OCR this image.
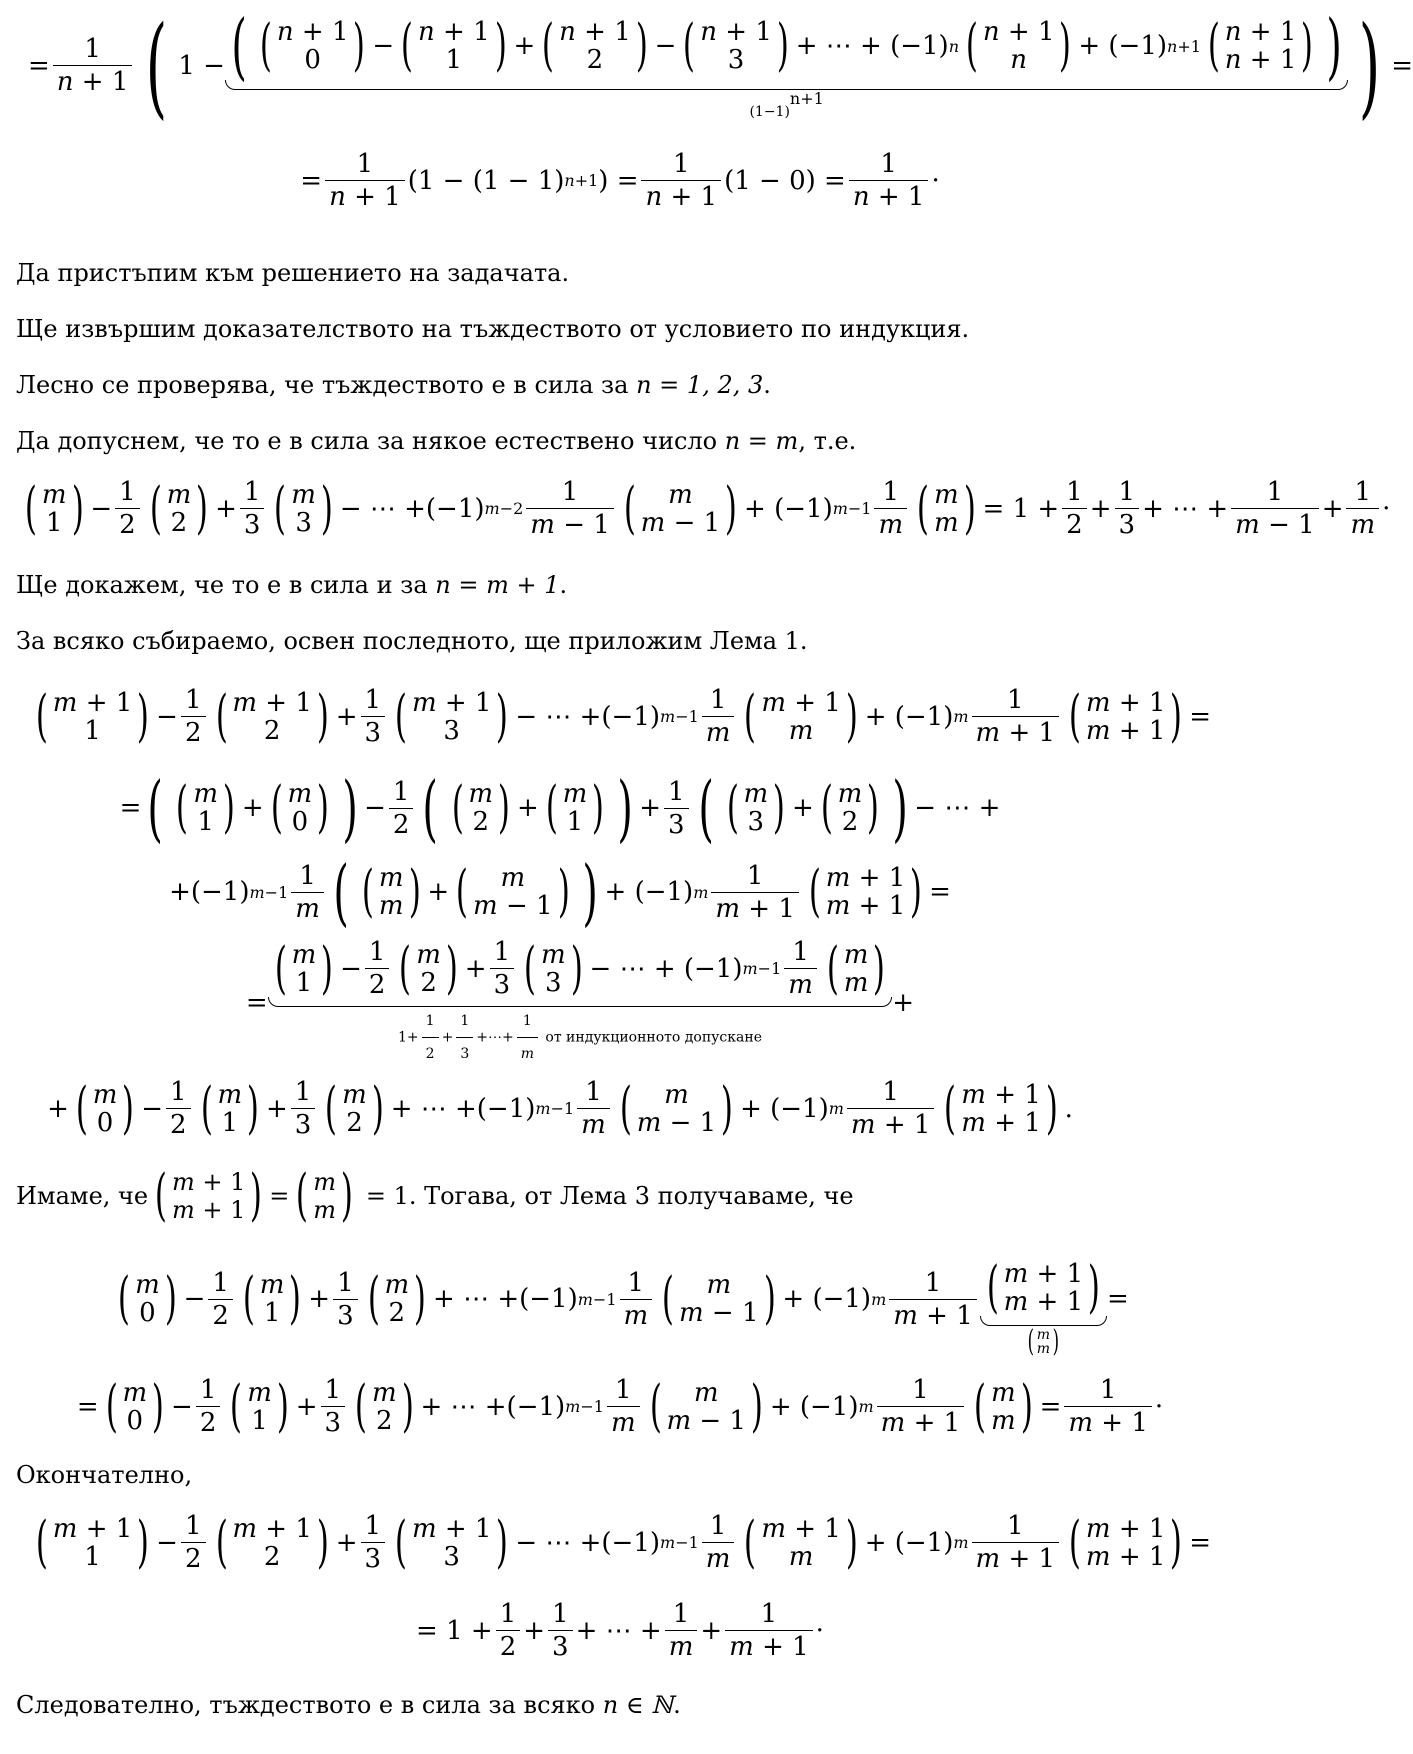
=
1
n + 1 ( 1 − ( ( n + 1
0 ) − ( n + 1
1 ) + ( n + 1
2 ) − ( n + 1
3 ) + ⋯ + (−1) n ( n + 1
n ) + (−1) n+1 ( n + 1
n + 1 ) )
$(1-1)^{n+1}$	) =
=
1
n + 1
(1 − (1 − 1) n+1 ) =
1
n + 1
(1 − 0) =
1
n + 1
·
Да пристъпим към решението на задачата.
Ще извършим доказателството на тъждеството от условието по индукция.
Лесно се проверява, че тъждеството е в сила за n = 1, 2, 3.
Да допуснем, че то е в сила за някое естествено число n = m, т.е.
( m
1 ) −
1
2 ( m
2 ) +
1
3 ( m
3 ) − ⋯ +(−1) m−2
1
m − 1 ( m
m − 1 ) + (−1) m−1
1
m ( m
m ) = 1 +
1
2
+
1
3
+ ⋯ +
1
m − 1
+
1
m
·
Ще докажем, че то е в сила и за n = m + 1.
За всяко събираемо, освен последното, ще приложим Лема 1.
( m + 1
1 ) −
1
2 ( m + 1
2 ) +
1
3 ( m + 1
3 ) − ⋯ +(−1) m−1
1
m ( m + 1
m ) + (−1) m
1
m + 1 ( m + 1
m + 1 ) =
= ( ( m
1 ) + ( m
0 ) ) −
1
2 ( ( m
2 ) + ( m
1 ) ) +
1
3 ( ( m
3 ) + ( m
2 ) ) − ⋯ +
+(−1) m−1
1
m ( ( m
m ) + ( m
m − 1 ) ) + (−1) m
1
m + 1 ( m + 1
m + 1 ) =
=
( m
1 ) −
1
2 ( m
2 ) +
1
3 ( m
3 ) − ⋯ + (−1) m−1
1
m ( m
m )
$1+ \frac{1}{2} + \frac{1}{3}$ +⋯+ $\frac{1}{m}$ от индукционното допускане
+
+ ( m
0 ) −
1
2 ( m
1 ) +
1
3 ( m
2 ) + ⋯ +(−1) m−1
1
m ( m
m − 1 ) + (−1) m
1
m + 1 ( m + 1
m + 1 ) .
Имаме, че ( m + 1
m + 1 ) = ( m
m ) = 1. Тогава, от Лема 3 получаваме, че
( m
0 ) −
1
2 ( m
1 ) +
1
3 ( m
2 ) + ⋯ +(−1) m−1
1
m ( m
m − 1 ) + (−1) m
1
m + 1 ( m + 1
m + 1 )
( m
m )
=
= ( m
0 ) −
1
2 ( m
1 ) +
1
3 ( m
2 ) + ⋯ +(−1) m−1
1
m ( m
m − 1 ) + (−1) m
1
m + 1 ( m
m ) =
1
m + 1
·
Окончателно,
( m + 1
1 ) −
1
2 ( m + 1
2 ) +
1
3 ( m + 1
3 ) − ⋯ +(−1) m−1
1
m ( m + 1
m ) + (−1) m
1
m + 1 ( m + 1
m + 1 ) =
= 1 +
1
2
+
1
3
+ ⋯ +
1
m
+
1
m + 1
·
Следователно, тъждеството е в сила за всяко n ∈ ℕ.
